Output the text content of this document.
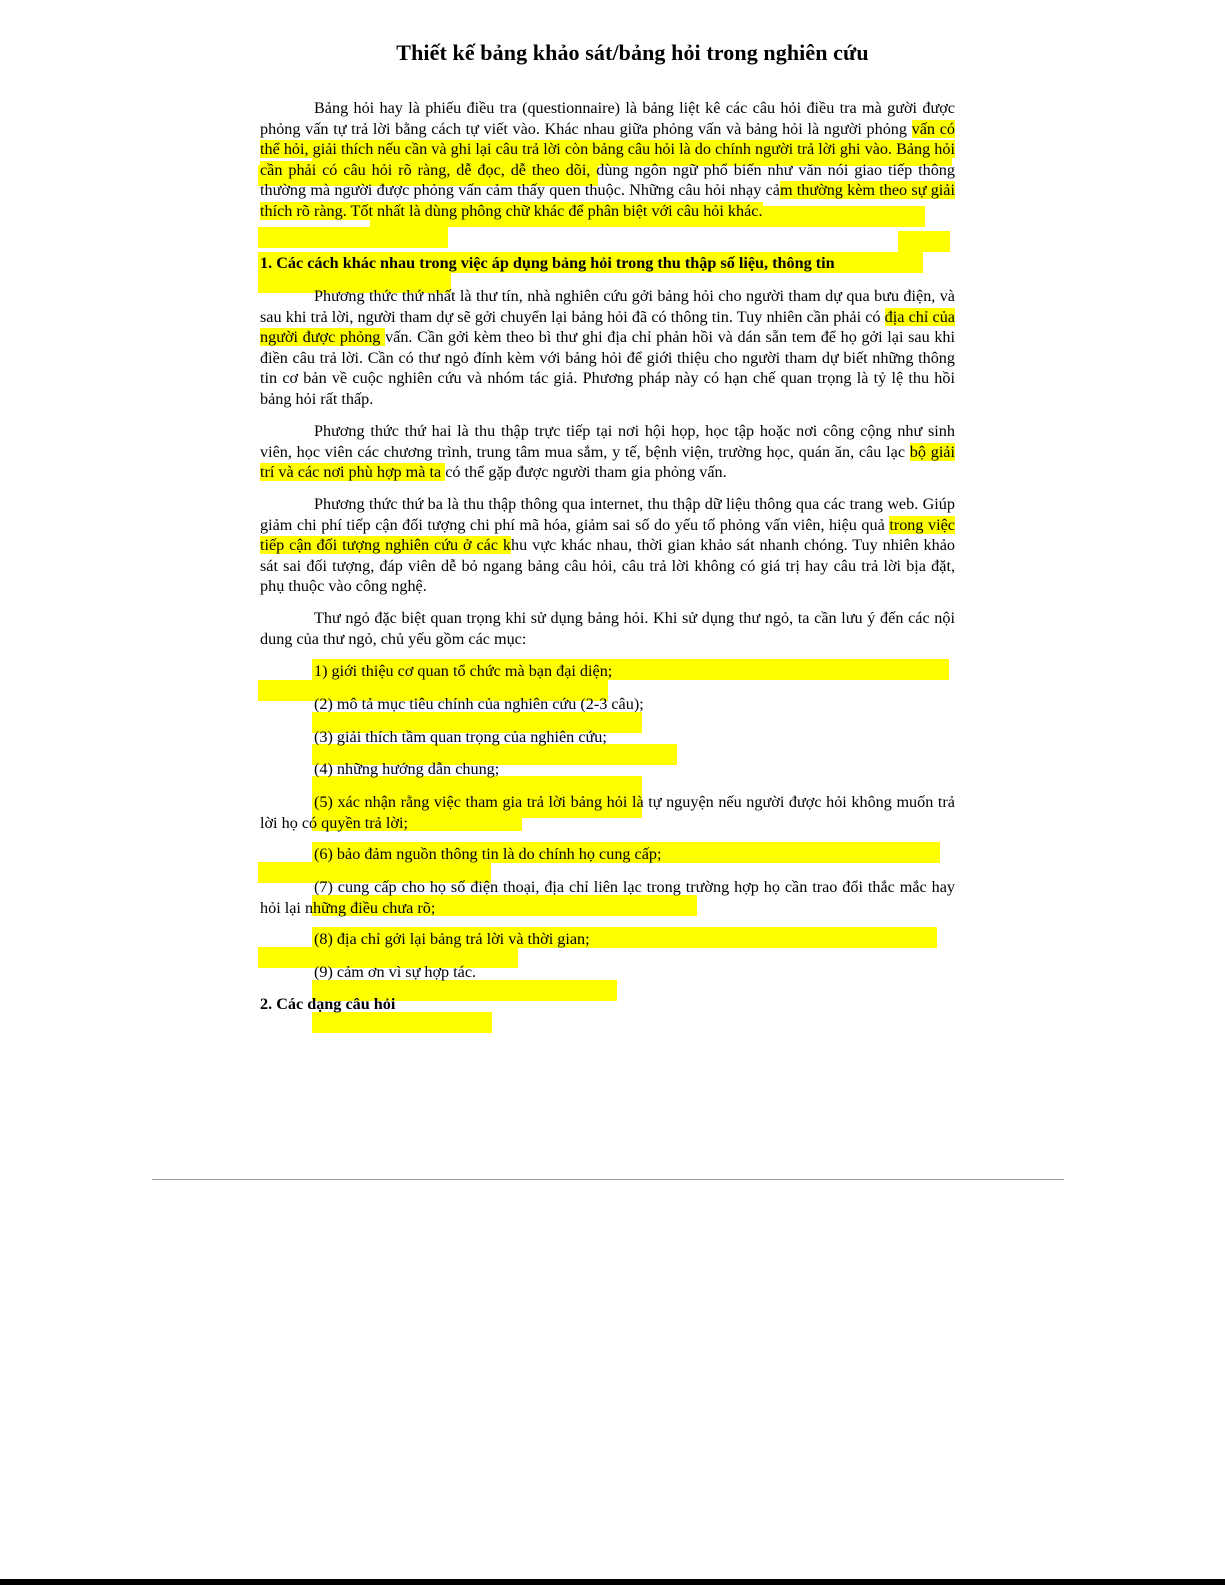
Thiết kế bảng khảo sát/bảng hỏi trong nghiên cứu

Bảng hỏi hay là phiếu điều tra (questionnaire) là bảng liệt kê các câu hỏi điều tra mà gười được phỏng vấn tự trả lời bằng cách tự viết vào. Khác nhau giữa phỏng vấn và bảng hỏi là người phỏng vấn có thể hỏi, giải thích nếu cần và ghi lại câu trả lời còn bảng câu hỏi là do chính người trả lời ghi vào. Bảng hỏi cần phải có câu hỏi rõ ràng, dễ đọc, dễ theo dõi, dùng ngôn ngữ phổ biến như văn nói giao tiếp thông thường mà người được phỏng vấn cảm thấy quen thuộc. Những câu hỏi nhạy cảm thường kèm theo sự giải thích rõ ràng. Tốt nhất là dùng phông chữ khác để phân biệt với câu hỏi khác.

1. Các cách khác nhau trong việc áp dụng bảng hỏi trong thu thập số liệu, thông tin

Phương thức thứ nhất là thư tín, nhà nghiên cứu gởi bảng hỏi cho người tham dự qua bưu điện, và sau khi trả lời, người tham dự sẽ gởi chuyển lại bảng hỏi đã có thông tin. Tuy nhiên cần phải có địa chỉ của người được phỏng vấn. Cần gởi kèm theo bì thư ghi địa chỉ phản hồi và dán sẵn tem để họ gởi lại sau khi điền câu trả lời. Cần có thư ngỏ đính kèm với bảng hỏi để giới thiệu cho người tham dự biết những thông tin cơ bản về cuộc nghiên cứu và nhóm tác giả. Phương pháp này có hạn chế quan trọng là tỷ lệ thu hồi bảng hỏi rất thấp.

Phương thức thứ hai là thu thập trực tiếp tại nơi hội họp, học tập hoặc nơi công cộng như sinh viên, học viên các chương trình, trung tâm mua sắm, y tế, bệnh viện, trường học, quán ăn, câu lạc bộ giải trí và các nơi phù hợp mà ta có thể gặp được người tham gia phỏng vấn.

Phương thức thứ ba là thu thập thông qua internet, thu thập dữ liệu thông qua các trang web. Giúp giảm chi phí tiếp cận đối tượng chi phí mã hóa, giảm sai số do yếu tố phỏng vấn viên, hiệu quả trong việc tiếp cận đối tượng nghiên cứu ở các khu vực khác nhau, thời gian khảo sát nhanh chóng. Tuy nhiên khảo sát sai đối tượng, đáp viên dễ bỏ ngang bảng câu hỏi, câu trả lời không có giá trị hay câu trả lời bịa đặt, phụ thuộc vào công nghệ.

Thư ngỏ đặc biệt quan trọng khi sử dụng bảng hỏi. Khi sử dụng thư ngỏ, ta cần lưu ý đến các nội dung của thư ngỏ, chủ yếu gồm các mục:

1) giới thiệu cơ quan tổ chức mà bạn đại diện;

(2) mô tả mục tiêu chính của nghiên cứu (2-3 câu);

(3) giải thích tầm quan trọng của nghiên cứu;

(4) những hướng dẫn chung;

(5) xác nhận rằng việc tham gia trả lời bảng hỏi là tự nguyện nếu người được hỏi không muốn trả lời họ có quyền trả lời;

(6) bảo đảm nguồn thông tin là do chính họ cung cấp;

(7) cung cấp cho họ số điện thoại, địa chỉ liên lạc trong trường hợp họ cần trao đổi thắc mắc hay hỏi lại những điều chưa rõ;

(8) địa chỉ gởi lại bảng trả lời và thời gian;

(9) cảm ơn vì sự hợp tác.

2. Các dạng câu hỏi
